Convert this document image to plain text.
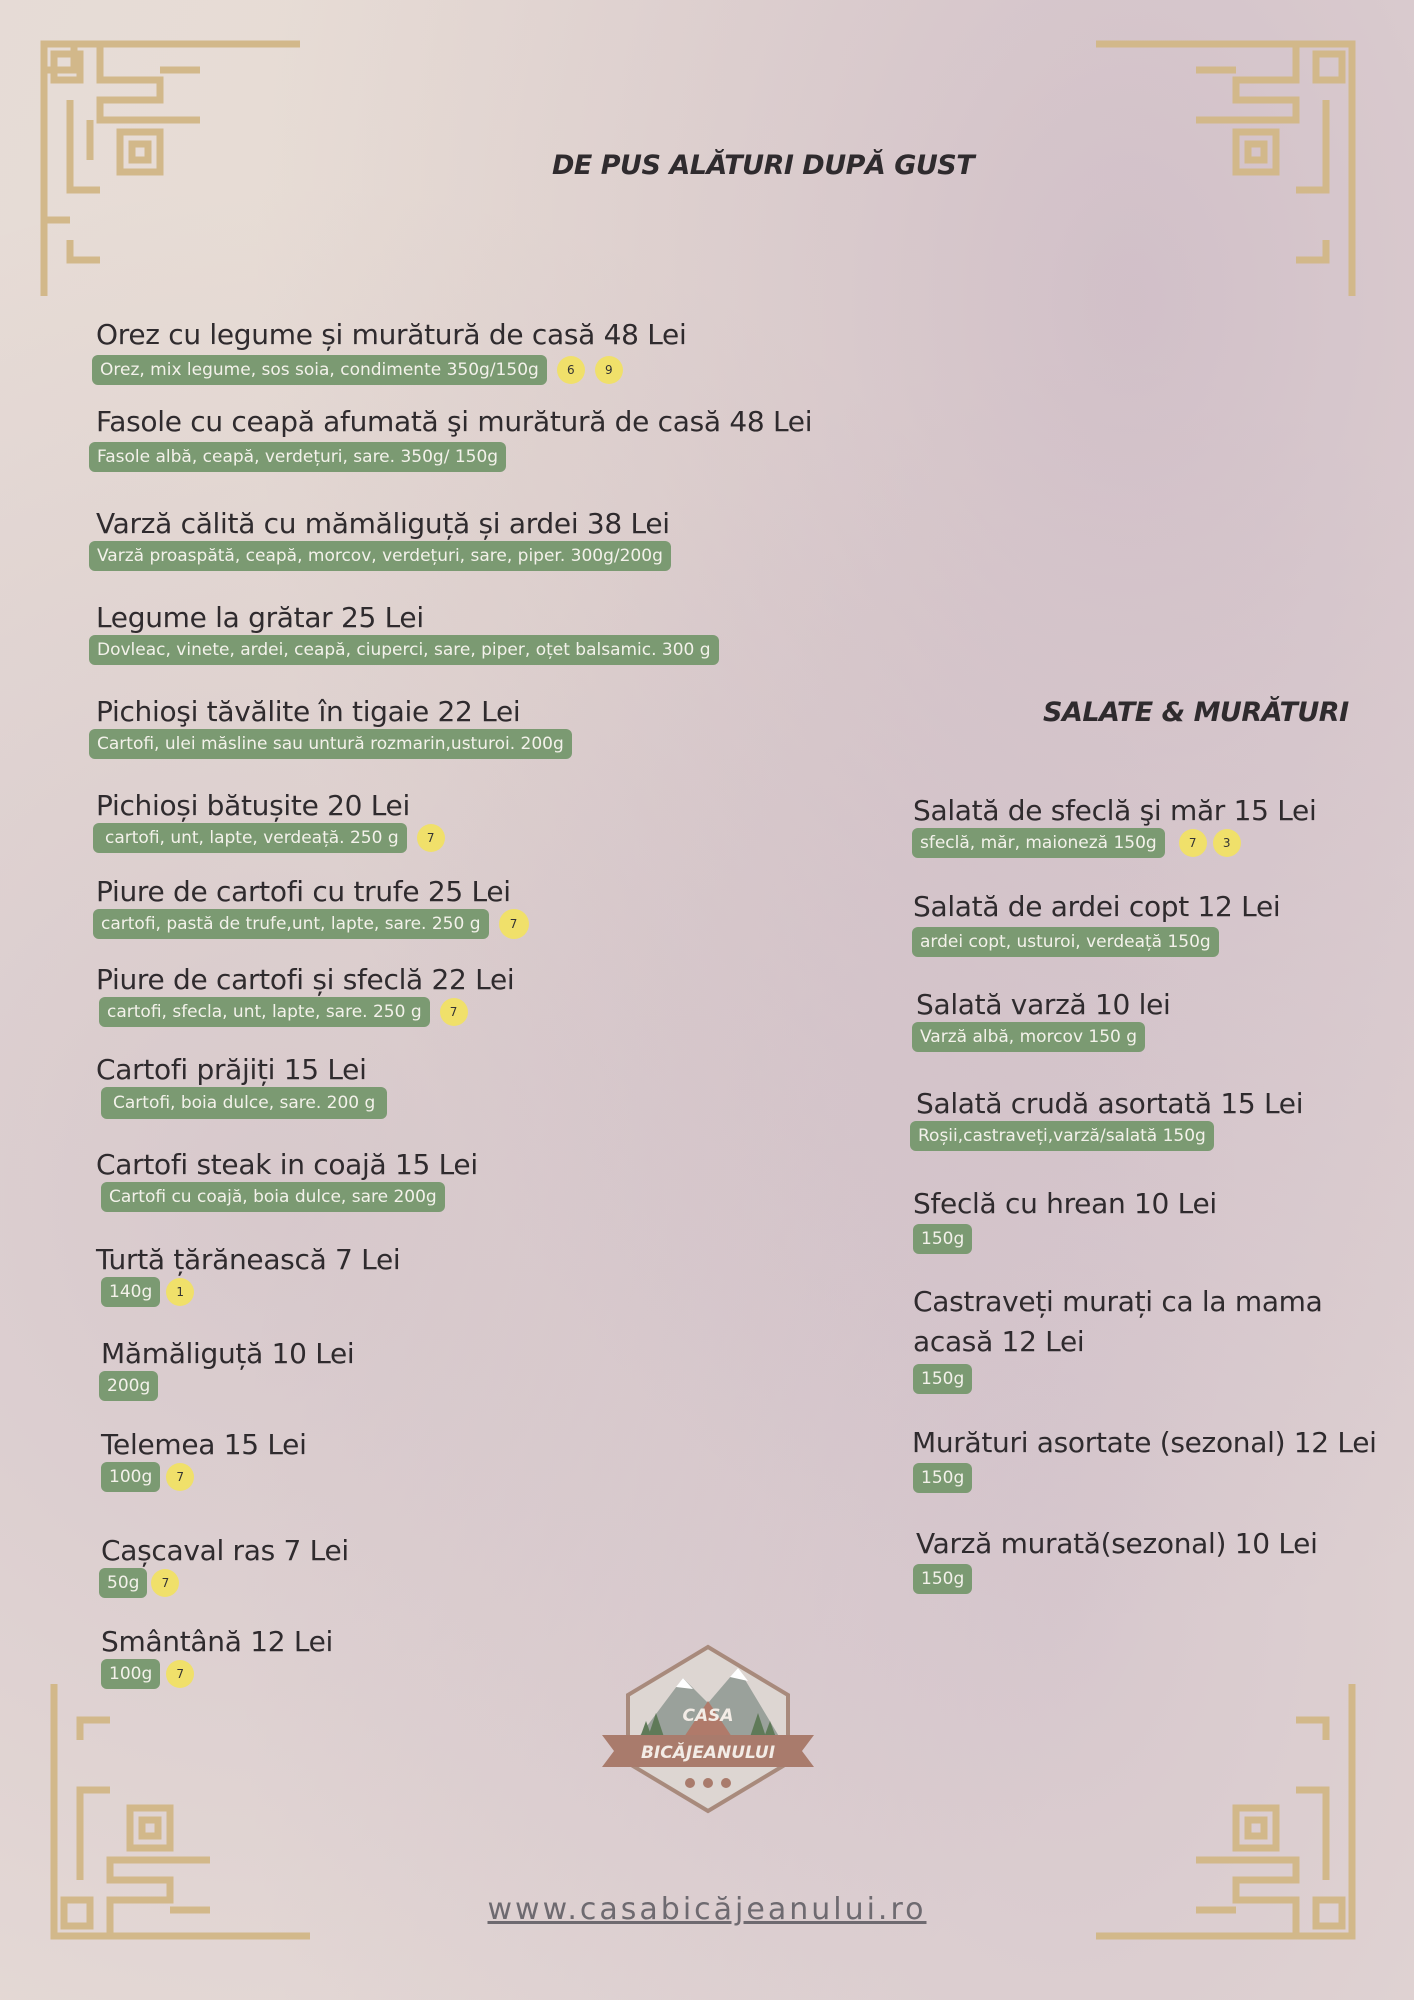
DE PUS ALĂTURI DUPĂ GUST
SALATE & MURĂTURI
Orez cu legume și murătură de casă 48 Lei
Orez, mix legume, sos soia, condimente 350g/150g	6	9
Fasole cu ceapă afumată şi murătură de casă 48 Lei
Fasole albă, ceapă, verdețuri, sare. 350g/ 150g
Varză călită cu mămăliguță și ardei 38 Lei
Varză proaspătă, ceapă, morcov, verdețuri, sare, piper. 300g/200g
Legume la grătar 25 Lei
Dovleac, vinete, ardei, ceapă, ciuperci, sare, piper, oțet balsamic. 300 g
Pichioşi tăvălite în tigaie 22 Lei
Cartofi, ulei măsline sau untură rozmarin,usturoi. 200g
Pichioși bătușite 20 Lei
cartofi, unt, lapte, verdeață. 250 g	7
Piure de cartofi cu trufe 25 Lei
cartofi, pastă de trufe,unt, lapte, sare. 250 g	7
Piure de cartofi și sfeclă 22 Lei
cartofi, sfecla, unt, lapte, sare. 250 g	7
Cartofi prăjiți 15 Lei
Cartofi, boia dulce, sare. 200 g
Cartofi steak in coajă 15 Lei
Cartofi cu coajă, boia dulce, sare 200g
Turtă țărănească 7 Lei
140g	1
Mămăliguță 10 Lei
200g
Telemea 15 Lei
100g	7
Cașcaval ras 7 Lei
50g	7
Smântână 12 Lei
100g	7
Salată de sfeclă şi măr 15 Lei
sfeclă, măr, maioneză 150g	7	3
Salată de ardei copt 12 Lei
ardei copt, usturoi, verdeață 150g
Salată varză 10 lei
Varză albă, morcov 150 g
Salată crudă asortată 15 Lei
Roșii,castraveți,varză/salată 150g
Sfeclă cu hrean 10 Lei
150g
Castraveți murați ca la mama acasă 12 Lei
150g
Murături asortate (sezonal) 12 Lei
150g
Varză murată(sezonal) 10 Lei
150g
CASA
BICĂJEANULUI
www.casabicăjeanului.ro
